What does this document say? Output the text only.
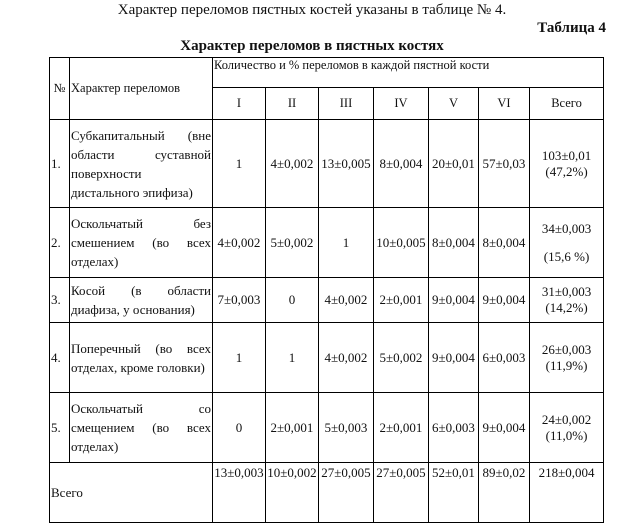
Характер переломов пястных костей указаны в таблице № 4.
Таблица 4
Характер переломов в пястных костях
№	Характер переломов	Количество и % переломов в каждой пястной кости						
		I	II	III	IV	V	VI	Всего
1.	Субкапитальный (вне области суставной поверхности дистального эпифиза)	1	4±0,002	13±0,005	8±0,004	20±0,01	57±0,03	103±0,01
(47,2%)

2.	Оскольчатый без смешением (во всех отделах)	4±0,002	5±0,002	1	10±0,005	8±0,004	8±0,004	34±0,003
(15,6 %)

3.	Косой (в области диафиза, у основания)	7±0,003	0	4±0,002	2±0,001	9±0,004	9±0,004	31±0,003
(14,2%)

4.	Поперечный (во всех отделах, кроме головки)	1	1	4±0,002	5±0,002	9±0,004	6±0,003	26±0,003
(11,9%)

5.	Оскольчатый со смещением (во всех отделах)	0	2±0,001	5±0,003	2±0,001	6±0,003	9±0,004	24±0,002
(11,0%)

Всего		13±0,003	10±0,002	27±0,005	27±0,005	52±0,01	89±0,02	218±0,004
